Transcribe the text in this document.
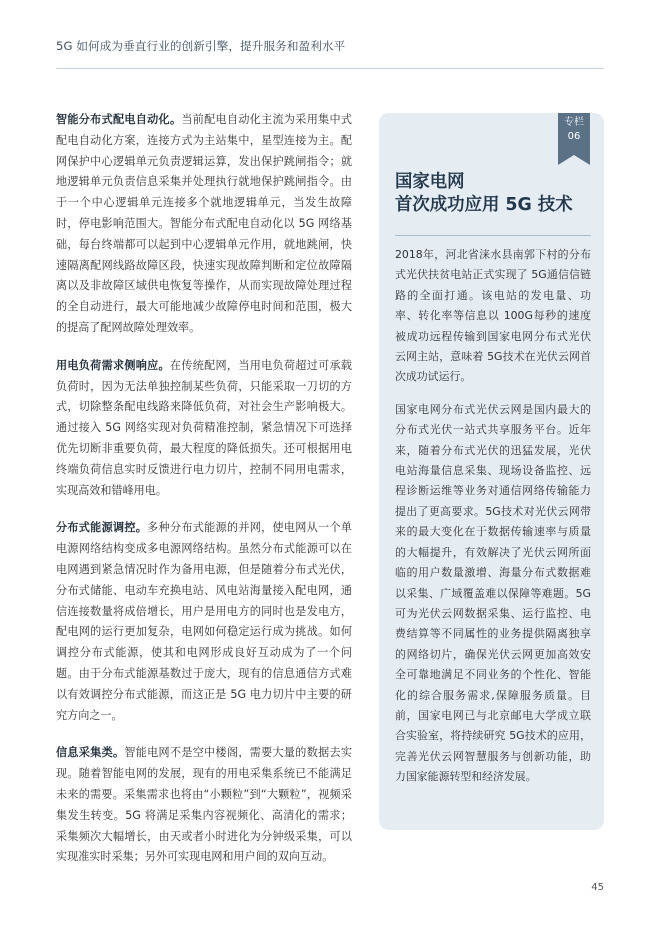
5G 如何成为垂直行业的创新引擎，提升服务和盈利水平

智能分布式配电自动化。当前配电自动化主流为采用集中式配电自动化方案，连接方式为主站集中，星型连接为主。配网保护中心逻辑单元负责逻辑运算，发出保护跳闸指令；就地逻辑单元负责信息采集并处理执行就地保护跳闸指令。由于一个中心逻辑单元连接多个就地逻辑单元，当发生故障时，停电影响范围大。智能分布式配电自动化以 5G 网络基础，每台终端都可以起到中心逻辑单元作用，就地跳闸，快速隔离配网线路故障区段，快速实现故障判断和定位故障隔离以及非故障区域供电恢复等操作，从而实现故障处理过程的全自动进行，最大可能地减少故障停电时间和范围，极大的提高了配网故障处理效率。

用电负荷需求侧响应。在传统配网，当用电负荷超过可承载负荷时，因为无法单独控制某些负荷，只能采取一刀切的方式，切除整条配电线路来降低负荷，对社会生产影响极大。通过接入 5G 网络实现对负荷精准控制，紧急情况下可选择优先切断非重要负荷，最大程度的降低损失。还可根据用电终端负荷信息实时反馈进行电力切片，控制不同用电需求，实现高效和错峰用电。

分布式能源调控。多种分布式能源的并网，使电网从一个单电源网络结构变成多电源网络结构。虽然分布式能源可以在电网遇到紧急情况时作为备用电源，但是随着分布式光伏，分布式储能、电动车充换电站、风电站海量接入配电网，通信连接数量将成倍增长，用户是用电方的同时也是发电方，配电网的运行更加复杂，电网如何稳定运行成为挑战。如何调控分布式能源，使其和电网形成良好互动成为了一个问题。由于分布式能源基数过于庞大，现有的信息通信方式难以有效调控分布式能源，而这正是 5G 电力切片中主要的研究方向之一。

信息采集类。智能电网不是空中楼阁，需要大量的数据去实现。随着智能电网的发展，现有的用电采集系统已不能满足未来的需要。采集需求也将由“小颗粒”到“大颗粒”，视频采集发生转变。5G 将满足采集内容视频化、高清化的需求；采集频次大幅增长，由天或者小时进化为分钟级采集，可以实现准实时采集；另外可实现电网和用户间的双向互动。

专栏
06
国家电网
首次成功应用 5G 技术

2018年，河北省涞水县南郭下村的分布式光伏扶贫电站正式实现了 5G通信信链路的全面打通。该电站的发电量、功率、转化率等信息以 100G每秒的速度被成功远程传输到国家电网分布式光伏云网主站，意味着 5G技术在光伏云网首次成功试运行。

国家电网分布式光伏云网是国内最大的分布式光伏一站式共享服务平台。近年来，随着分布式光伏的迅猛发展，光伏电站海量信息采集、现场设备监控、远程诊断运维等业务对通信网络传输能力提出了更高要求。5G技术对光伏云网带来的最大变化在于数据传输速率与质量的大幅提升，有效解决了光伏云网所面临的用户数量激增、海量分布式数据难以采集、广域覆盖难以保障等难题。5G可为光伏云网数据采集、运行监控、电费结算等不同属性的业务提供隔离独享的网络切片，确保光伏云网更加高效安全可靠地满足不同业务的个性化、智能化的综合服务需求,保障服务质量。目前，国家电网已与北京邮电大学成立联合实验室，将持续研究 5G技术的应用，完善光伏云网智慧服务与创新功能，助力国家能源转型和经济发展。

45
